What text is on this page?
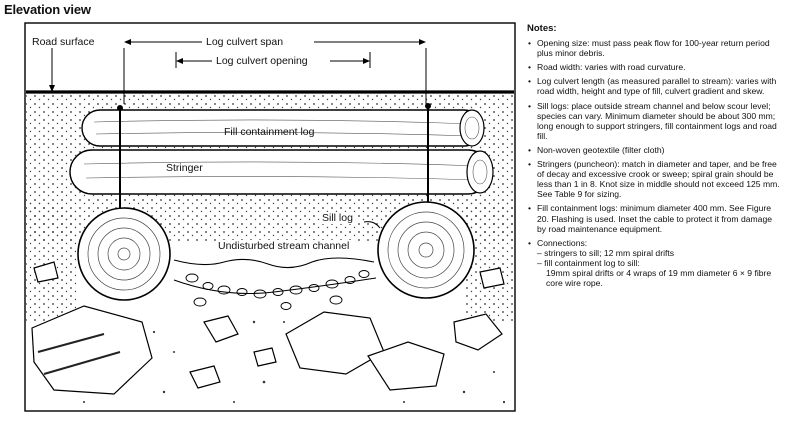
Elevation view
Road surface	Log culvert span
Log culvert opening
Fill containment log
Stringer
Sill log
Undisturbed stream channel
Notes:
• Opening size: must pass peak flow for 100-year return period plus minor debris.
• Road width: varies with road curvature.
• Log culvert length (as measured parallel to stream): varies with road width, height and type of fill, culvert gradient and skew.
• Sill logs: place outside stream channel and below scour level; species can vary. Minimum diameter should be about 300 mm; long enough to support stringers, fill containment logs and road fill.
• Non-woven geotextile (filter cloth)
• Stringers (puncheon): match in diameter and taper, and be free of decay and excessive crook or sweep; spiral grain should be less than 1 in 8. Knot size in middle should not exceed 125 mm. See Table 9 for sizing.
• Fill containment logs: minimum diameter 400 mm. See Figure 20. Flashing is used. Inset the cable to protect it from damage by road maintenance equipment.
• Connections:
– stringers to sill; 12 mm spiral drifts
– fill containment log to sill:
19mm spiral drifts or 4 wraps of 19 mm diameter 6 × 9 fibre core wire rope.
